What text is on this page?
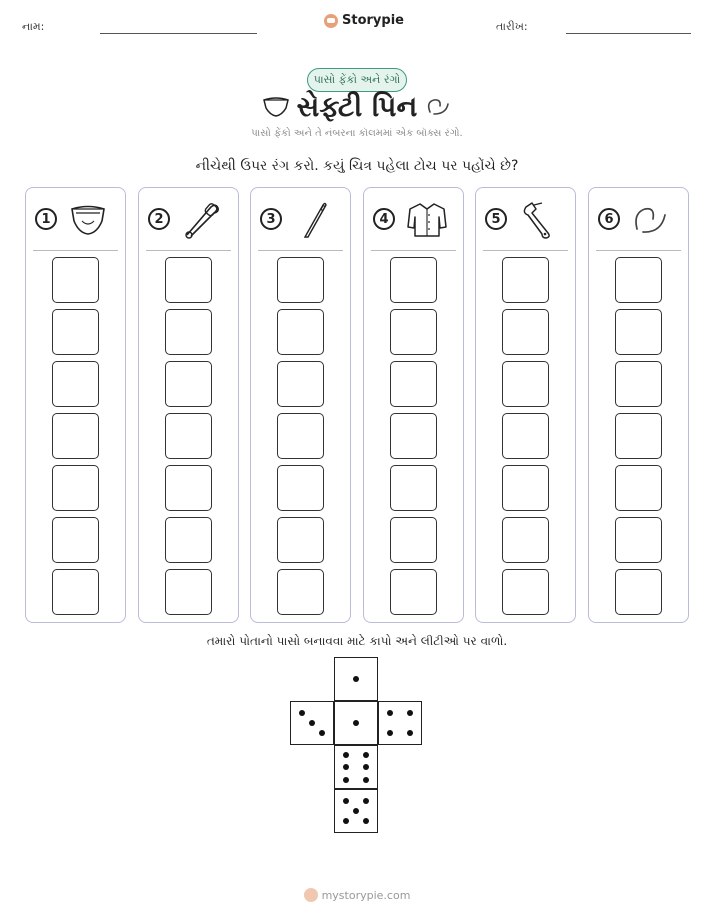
નામ:	Storypie	તારીખ:
પાસો ફેંકો અને રંગો
સેફ્ટી પિન
પાસો ફેંકો અને તે નંબરના કૉલમમાં એક બૉક્સ રંગો.
નીચેથી ઉપર રંગ કરો. કયું ચિત્ર પહેલા ટોચ પર પહોંચે છે?
1	2	3	4	5	6
તમારો પોતાનો પાસો બનાવવા માટે કાપો અને લીટીઓ પર વાળો.
mystorypie.com
